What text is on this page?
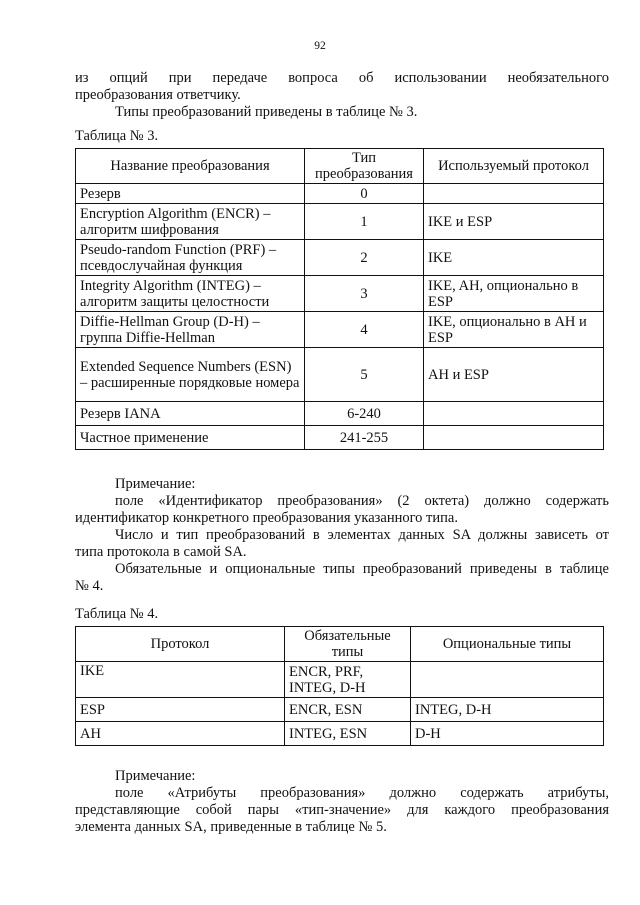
92
из опций при передаче вопроса об использовании необязательного
преобразования ответчику.
Типы преобразований приведены в таблице № 3.
Таблица № 3.
Название преобразования	Тип преобразования	Используемый протокол
Резерв	0	
Encryption Algorithm (ENCR) – алгоритм шифрования	1	IKE и ESP
Pseudo-random Function (PRF) – псевдослучайная функция	2	IKE
Integrity Algorithm (INTEG) – алгоритм защиты целостности	3	IKE, AH, опционально в ESP
Diffie-Hellman Group (D-H) – группа Diffie-Hellman	4	IKE, опционально в AH и ESP
Extended Sequence Numbers (ESN) – расширенные порядковые номера	5	AH и ESP
Резерв IANA	6-240	
Частное применение	241-255	
Примечание:
поле «Идентификатор преобразования» (2 октета) должно содержать
идентификатор конкретного преобразования указанного типа.
Число и тип преобразований в элементах данных SA должны зависеть от
типа протокола в самой SA.
Обязательные и опциональные типы преобразований приведены в таблице
№ 4.
Таблица № 4.
Протокол	Обязательные типы	Опциональные типы
IKE	ENCR, PRF, INTEG, D-H	
ESP	ENCR, ESN	INTEG, D-H
AH	INTEG, ESN	D-H
Примечание:
поле «Атрибуты преобразования» должно содержать атрибуты,
представляющие собой пары «тип-значение» для каждого преобразования
элемента данных SA, приведенные в таблице № 5.
